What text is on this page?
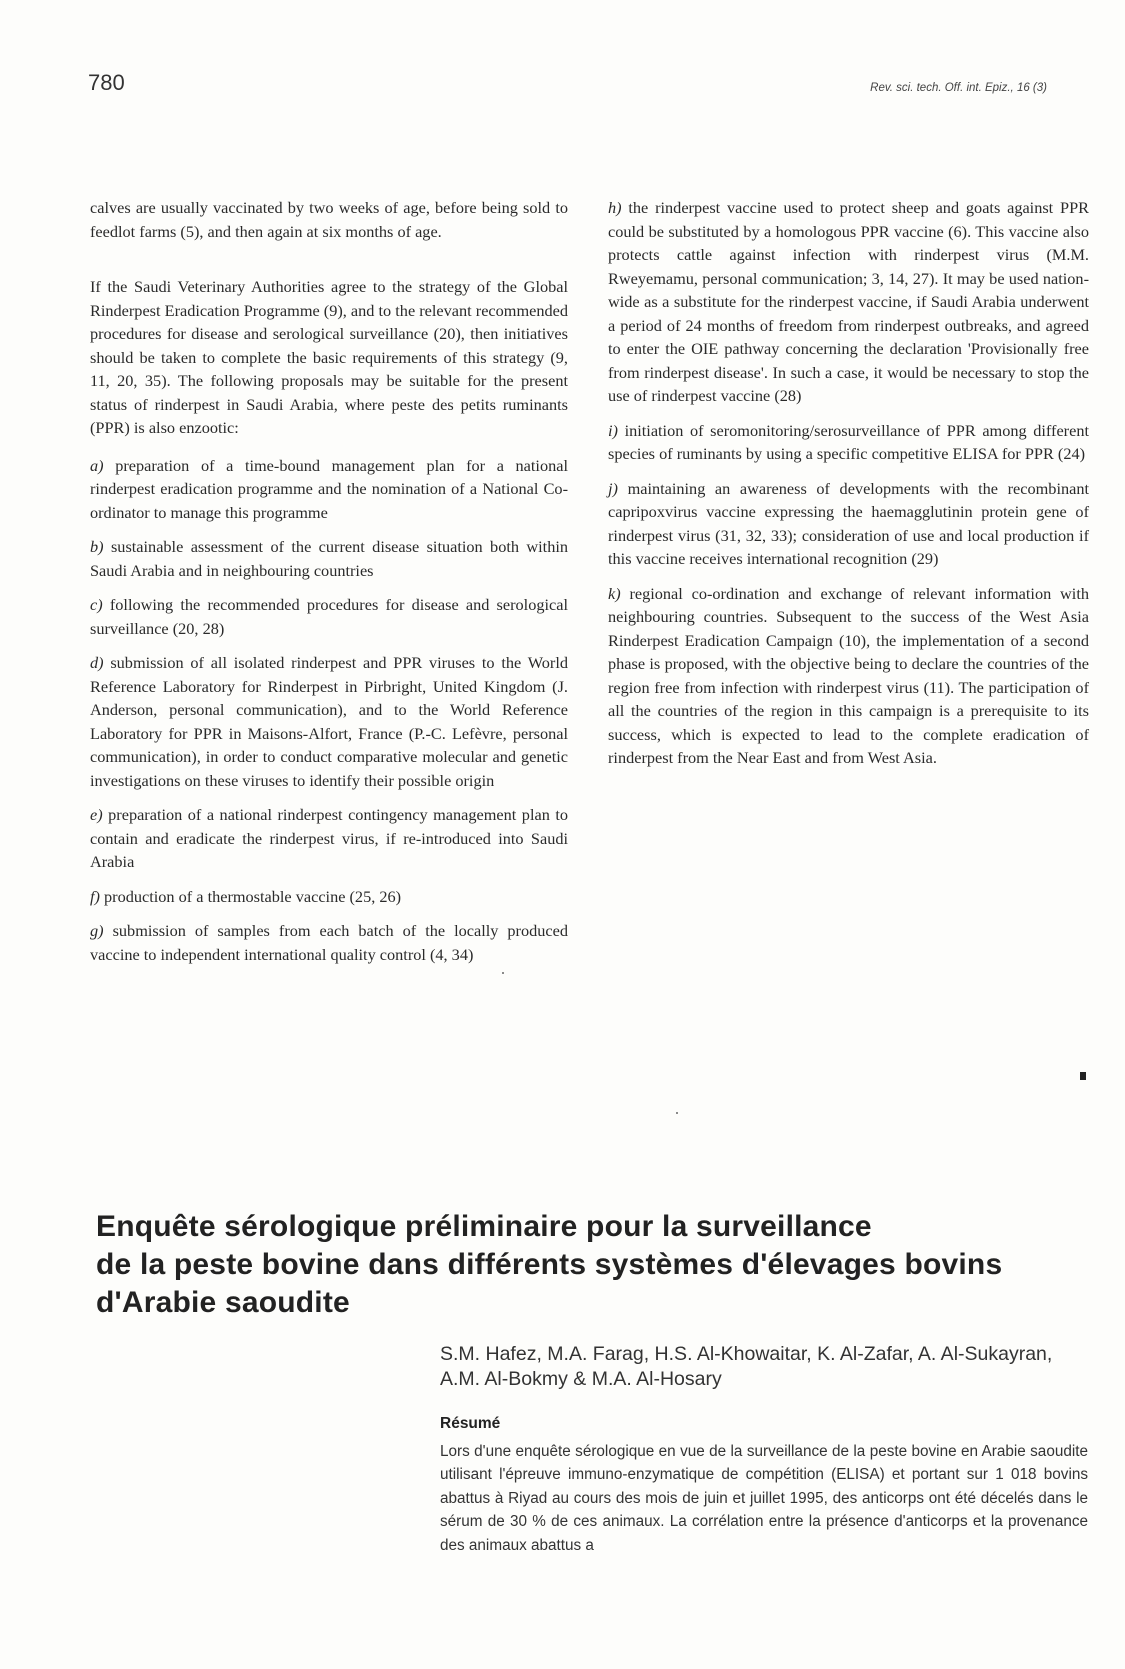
780	Rev. sci. tech. Off. int. Epiz., 16 (3)

calves are usually vaccinated by two weeks of age, before being sold to feedlot farms (5), and then again at six months of age.

If the Saudi Veterinary Authorities agree to the strategy of the Global Rinderpest Eradication Programme (9), and to the relevant recommended procedures for disease and serological surveillance (20), then initiatives should be taken to complete the basic requirements of this strategy (9, 11, 20, 35). The following proposals may be suitable for the present status of rinderpest in Saudi Arabia, where peste des petits ruminants (PPR) is also enzootic:

a) preparation of a time-bound management plan for a national rinderpest eradication programme and the nomination of a National Co-ordinator to manage this programme
b) sustainable assessment of the current disease situation both within Saudi Arabia and in neighbouring countries
c) following the recommended procedures for disease and serological surveillance (20, 28)
d) submission of all isolated rinderpest and PPR viruses to the World Reference Laboratory for Rinderpest in Pirbright, United Kingdom (J. Anderson, personal communication), and to the World Reference Laboratory for PPR in Maisons-Alfort, France (P.-C. Lefèvre, personal communication), in order to conduct comparative molecular and genetic investigations on these viruses to identify their possible origin
e) preparation of a national rinderpest contingency management plan to contain and eradicate the rinderpest virus, if re-introduced into Saudi Arabia
f) production of a thermostable vaccine (25, 26)
g) submission of samples from each batch of the locally produced vaccine to independent international quality control (4, 34)
h) the rinderpest vaccine used to protect sheep and goats against PPR could be substituted by a homologous PPR vaccine (6). This vaccine also protects cattle against infection with rinderpest virus (M.M. Rweyemamu, personal communication; 3, 14, 27). It may be used nation-wide as a substitute for the rinderpest vaccine, if Saudi Arabia underwent a period of 24 months of freedom from rinderpest outbreaks, and agreed to enter the OIE pathway concerning the declaration 'Provisionally free from rinderpest disease'. In such a case, it would be necessary to stop the use of rinderpest vaccine (28)
i) initiation of seromonitoring/serosurveillance of PPR among different species of ruminants by using a specific competitive ELISA for PPR (24)
j) maintaining an awareness of developments with the recombinant capripoxvirus vaccine expressing the haemagglutinin protein gene of rinderpest virus (31, 32, 33); consideration of use and local production if this vaccine receives international recognition (29)
k) regional co-ordination and exchange of relevant information with neighbouring countries. Subsequent to the success of the West Asia Rinderpest Eradication Campaign (10), the implementation of a second phase is proposed, with the objective being to declare the countries of the region free from infection with rinderpest virus (11). The participation of all the countries of the region in this campaign is a prerequisite to its success, which is expected to lead to the complete eradication of rinderpest from the Near East and from West Asia.
Enquête sérologique préliminaire pour la surveillance
de la peste bovine dans différents systèmes d'élevages bovins
d'Arabie saoudite
S.M. Hafez, M.A. Farag, H.S. Al-Khowaitar, K. Al-Zafar, A. Al-Sukayran,
A.M. Al-Bokmy & M.A. Al-Hosary
Résumé
Lors d'une enquête sérologique en vue de la surveillance de la peste bovine en Arabie saoudite utilisant l'épreuve immuno-enzymatique de compétition (ELISA) et portant sur 1 018 bovins abattus à Riyad au cours des mois de juin et juillet 1995, des anticorps ont été décelés dans le sérum de 30 % de ces animaux. La corrélation entre la présence d'anticorps et la provenance des animaux abattus a
